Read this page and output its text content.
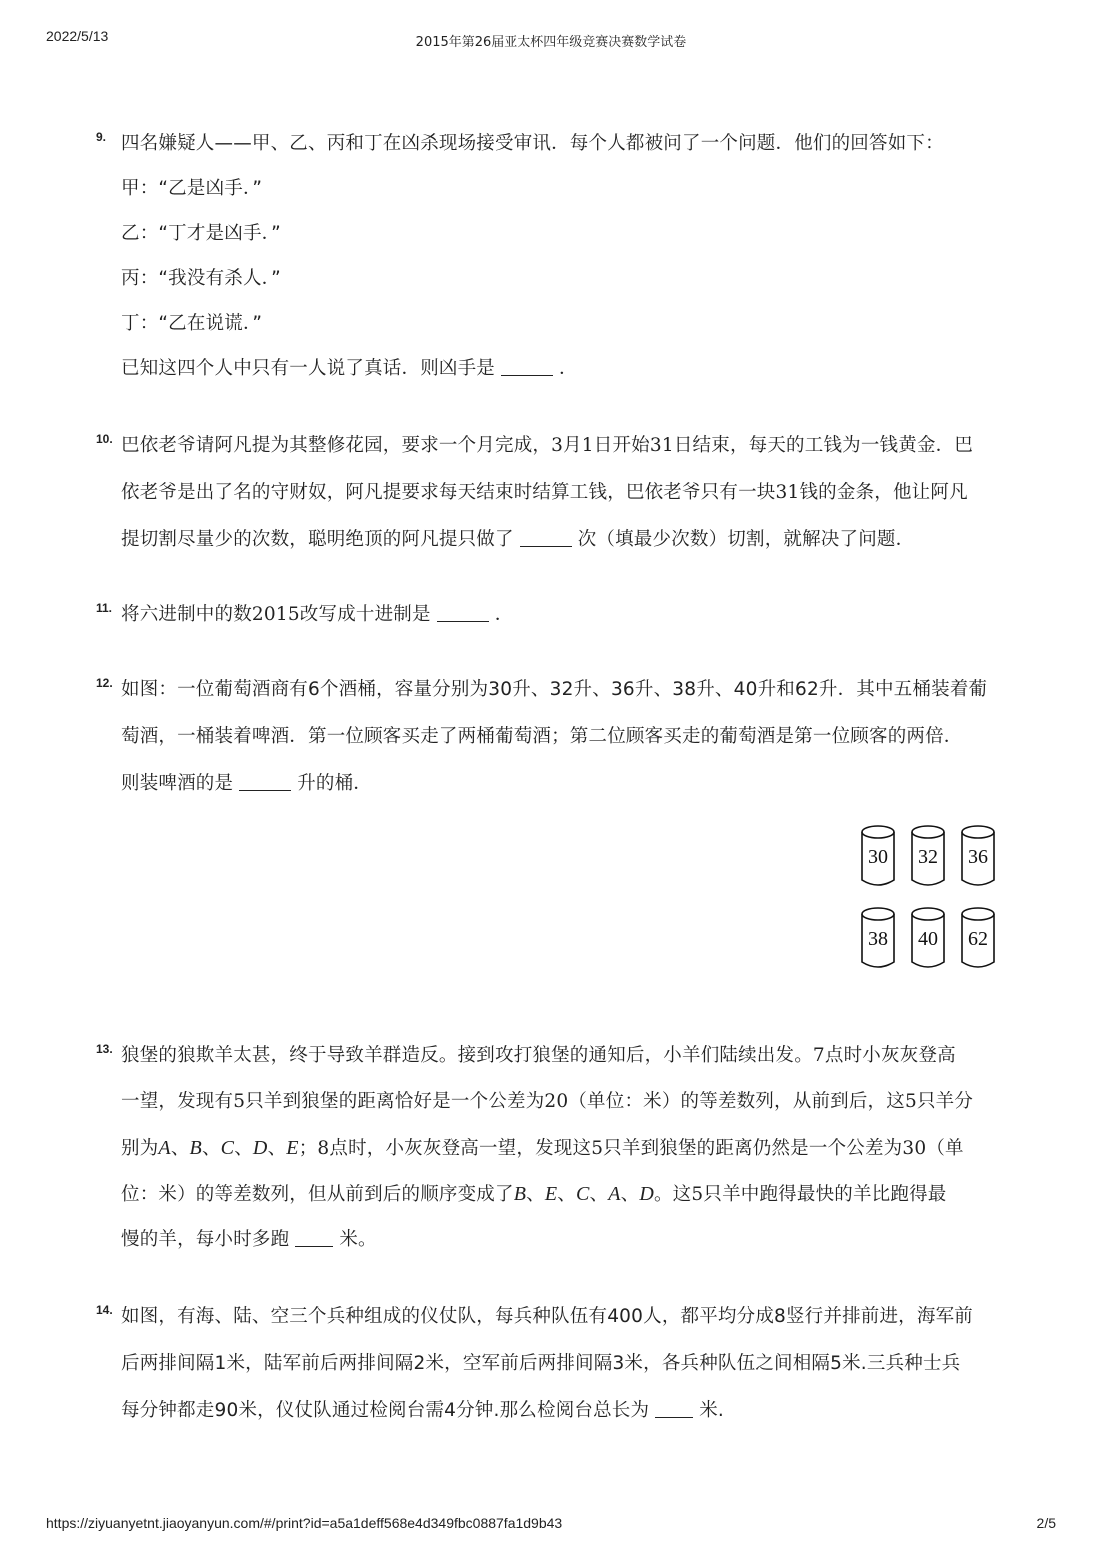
2022/5/13	2015年第26届亚太杯四年级竞赛决赛数学试卷
9. 四名嫌疑人——甲、乙、丙和丁在凶杀现场接受审讯．每个人都被问了一个问题．他们的回答如下：
甲：“乙是凶手．”
乙：“丁才是凶手．”
丙：“我没有杀人．”
丁：“乙在说谎．”
已知这四个人中只有一人说了真话．则凶手是	．
10. 巴依老爷请阿凡提为其整修花园，要求一个月完成，3月1日开始31日结束，每天的工钱为一钱黄金．巴
依老爷是出了名的守财奴，阿凡提要求每天结束时结算工钱，巴依老爷只有一块31钱的金条，他让阿凡
提切割尽量少的次数，聪明绝顶的阿凡提只做了	次（填最少次数）切割，就解决了问题．
11. 将六进制中的数2015改写成十进制是	．
12. 如图：一位葡萄酒商有6个酒桶，容量分别为30升、32升、36升、38升、40升和62升．其中五桶装着葡
萄酒，一桶装着啤酒．第一位顾客买走了两桶葡萄酒；第二位顾客买走的葡萄酒是第一位顾客的两倍．
则装啤酒的是	升的桶．
30	32	36
38	40	62
13. 狼堡的狼欺羊太甚，终于导致羊群造反。接到攻打狼堡的通知后，小羊们陆续出发。7点时小灰灰登高
一望，发现有5只羊到狼堡的距离恰好是一个公差为20（单位：米）的等差数列，从前到后，这5只羊分
别为A、B、C、D、E；8点时，小灰灰登高一望，发现这5只羊到狼堡的距离仍然是一个公差为30（单
位：米）的等差数列，但从前到后的顺序变成了B、E、C、A、D。这5只羊中跑得最快的羊比跑得最
慢的羊，每小时多跑	米。
14. 如图，有海、陆、空三个兵种组成的仪仗队，每兵种队伍有400人，都平均分成8竖行并排前进，海军前
后两排间隔1米，陆军前后两排间隔2米，空军前后两排间隔3米，各兵种队伍之间相隔5米.三兵种士兵
每分钟都走90米，仪仗队通过检阅台需4分钟.那么检阅台总长为	米.
https://ziyuanyetnt.jiaoyanyun.com/#/print?id=a5a1deff568e4d349fbc0887fa1d9b43	2/5
